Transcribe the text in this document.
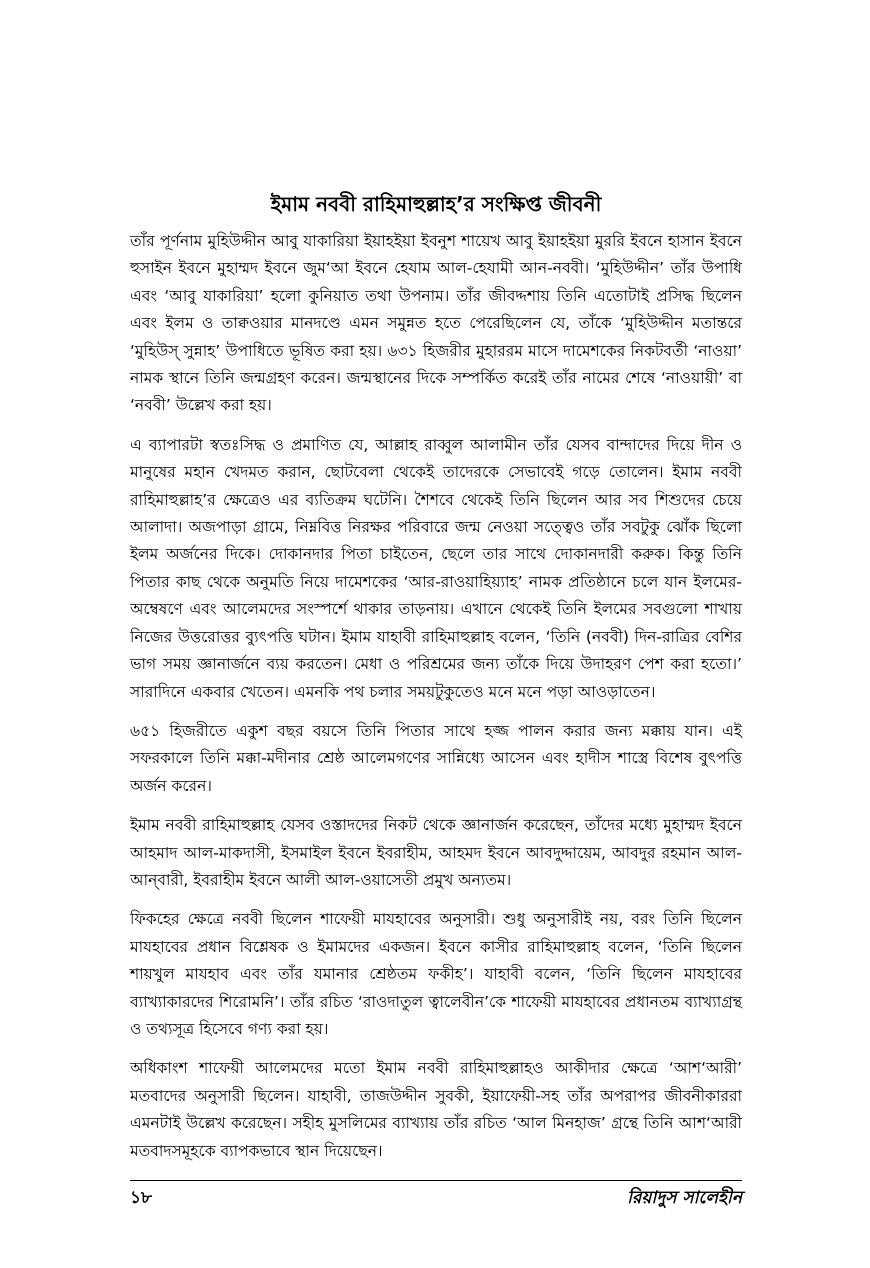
ইমাম নববী রাহিমাহুল্লাহ’র সংক্ষিপ্ত জীবনী

তাঁর পূর্ণনাম মুহিউদ্দীন আবু যাকারিয়া ইয়াহইয়া ইবনুশ শায়েখ আবু ইয়াহইয়া মুররি ইবনে হাসান ইবনে হুসাইন ইবনে মুহাম্মদ ইবনে জুম‘আ ইবনে হেযাম আল-হেযামী আন-নববী। ‘মুহিউদ্দীন’ তাঁর উপাধি এবং ‘আবু যাকারিয়া’ হলো কুনিয়াত তথা উপনাম। তাঁর জীবদ্দশায় তিনি এতোটাই প্রসিদ্ধ ছিলেন এবং ইলম ও তাক্বওয়ার মানদণ্ডে এমন সমুন্নত হতে পেরেছিলেন যে, তাঁকে ‘মুহিউদ্দীন মতান্তরে ‘মুহিউস্ সুন্নাহ’ উপাধিতে ভূষিত করা হয়। ৬৩১ হিজরীর মুহাররম মাসে দামেশকের নিকটবর্তী ‘নাওয়া’ নামক স্থানে তিনি জন্মগ্রহণ করেন। জন্মস্থানের দিকে সম্পর্কিত করেই তাঁর নামের শেষে ‘নাওয়ায়ী’ বা ‘নববী’ উল্লেখ করা হয়।

এ ব্যাপারটা স্বতঃসিদ্ধ ও প্রমাণিত যে, আল্লাহ রাব্বুল আলামীন তাঁর যেসব বান্দাদের দিয়ে দীন ও মানুষের মহান খেদমত করান, ছোটবেলা থেকেই তাদেরকে সেভাবেই গড়ে তোলেন। ইমাম নববী রাহিমাহুল্লাহ’র ক্ষেত্রেও এর ব্যতিক্রম ঘটেনি। শৈশবে থেকেই তিনি ছিলেন আর সব শিশুদের চেয়ে আলাদা। অজপাড়া গ্রামে, নিম্নবিত্ত নিরক্ষর পরিবারে জন্ম নেওয়া সত্ত্বেও তাঁর সবটুকু ঝোঁক ছিলো ইলম অর্জনের দিকে। দোকানদার পিতা চাইতেন, ছেলে তার সাথে দোকানদারী করুক। কিন্তু তিনি পিতার কাছ থেকে অনুমতি নিয়ে দামেশকের ‘আর-রাওয়াহিয়্যাহ’ নামক প্রতিষ্ঠানে চলে যান ইলমের-অম্বেষণে এবং আলেমদের সংস্পর্শে থাকার তাড়নায়। এখানে থেকেই তিনি ইলমের সবগুলো শাখায় নিজের উত্তরোত্তর ব্যুৎপত্তি ঘটান। ইমাম যাহাবী রাহিমাহুল্লাহ বলেন, ‘তিনি (নববী) দিন-রাত্রির বেশির ভাগ সময় জ্ঞানার্জনে ব্যয় করতেন। মেধা ও পরিশ্রমের জন্য তাঁকে দিয়ে উদাহরণ পেশ করা হতো।’ সারাদিনে একবার খেতেন। এমনকি পথ চলার সময়টুকুতেও মনে মনে পড়া আওড়াতেন।

৬৫১ হিজরীতে একুশ বছর বয়সে তিনি পিতার সাথে হজ্জ পালন করার জন্য মক্কায় যান। এই সফরকালে তিনি মক্কা-মদীনার শ্রেষ্ঠ আলেমগণের সান্নিধ্যে আসেন এবং হাদীস শাস্ত্রে বিশেষ বুৎপত্তি অর্জন করেন।

ইমাম নববী রাহিমাহুল্লাহ যেসব ওস্তাদদের নিকট থেকে জ্ঞানার্জন করেছেন, তাঁদের মধ্যে মুহাম্মদ ইবনে আহমাদ আল-মাকদাসী, ইসমাইল ইবনে ইবরাহীম, আহমদ ইবনে আবদুদ্দায়েম, আবদুর রহমান আল-আন্‌বারী, ইবরাহীম ইবনে আলী আল-ওয়াসেতী প্রমুখ অন্যতম।

ফিকহের ক্ষেত্রে নববী ছিলেন শাফেয়ী মাযহাবের অনুসারী। শুধু অনুসারীই নয়, বরং তিনি ছিলেন মাযহাবের প্রধান বিশ্লেষক ও ইমামদের একজন। ইবনে কাসীর রাহিমাহুল্লাহ বলেন, ‘তিনি ছিলেন শায়খুল মাযহাব এবং তাঁর যমানার শ্রেষ্ঠতম ফকীহ’। যাহাবী বলেন, ‘তিনি ছিলেন মাযহাবের ব্যাখ্যাকারদের শিরোমনি’। তাঁর রচিত ‘রাওদাতুল ত্বালেবীন’কে শাফেয়ী মাযহাবের প্রধানতম ব্যাখ্যাগ্রন্থ ও তথ্যসূত্র হিসেবে গণ্য করা হয়।

অধিকাংশ শাফেয়ী আলেমদের মতো ইমাম নববী রাহিমাহুল্লাহও আকীদার ক্ষেত্রে ‘আশ‘আরী’ মতবাদের অনুসারী ছিলেন। যাহাবী, তাজউদ্দীন সুবকী, ইয়াফেয়ী-সহ তাঁর অপরাপর জীবনীকাররা এমনটাই উল্লেখ করেছেন। সহীহ মুসলিমের ব্যাখ্যায় তাঁর রচিত ‘আল মিনহাজ’ গ্রন্থে তিনি আশ‘আরী মতবাদসমূহকে ব্যাপকভাবে স্থান দিয়েছেন।

১৮	রিয়াদুস সালেহীন
